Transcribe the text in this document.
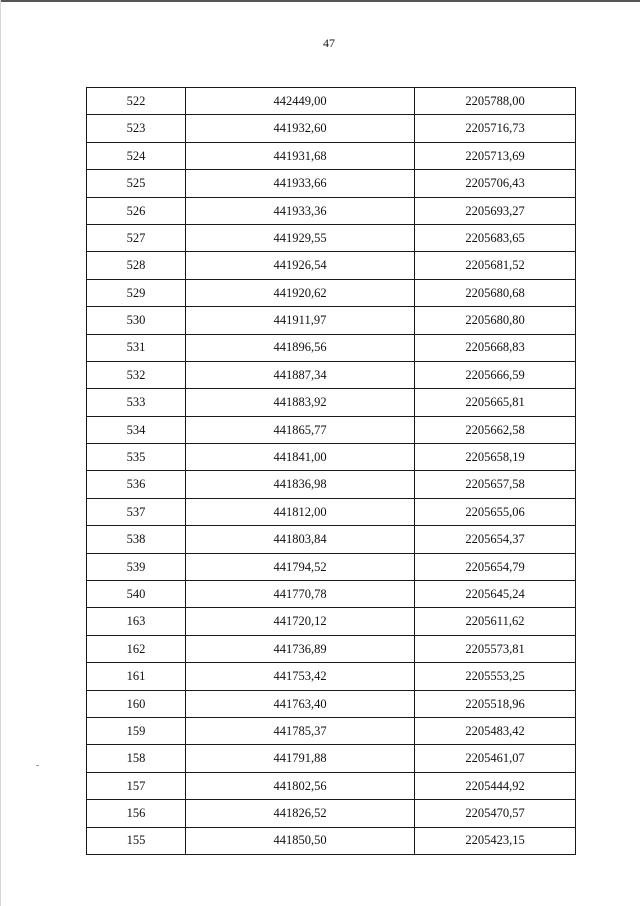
47
522	442449,00	2205788,00
523	441932,60	2205716,73
524	441931,68	2205713,69
525	441933,66	2205706,43
526	441933,36	2205693,27
527	441929,55	2205683,65
528	441926,54	2205681,52
529	441920,62	2205680,68
530	441911,97	2205680,80
531	441896,56	2205668,83
532	441887,34	2205666,59
533	441883,92	2205665,81
534	441865,77	2205662,58
535	441841,00	2205658,19
536	441836,98	2205657,58
537	441812,00	2205655,06
538	441803,84	2205654,37
539	441794,52	2205654,79
540	441770,78	2205645,24
163	441720,12	2205611,62
162	441736,89	2205573,81
161	441753,42	2205553,25
160	441763,40	2205518,96
159	441785,37	2205483,42
158	441791,88	2205461,07
157	441802,56	2205444,92
156	441826,52	2205470,57
155	441850,50	2205423,15
